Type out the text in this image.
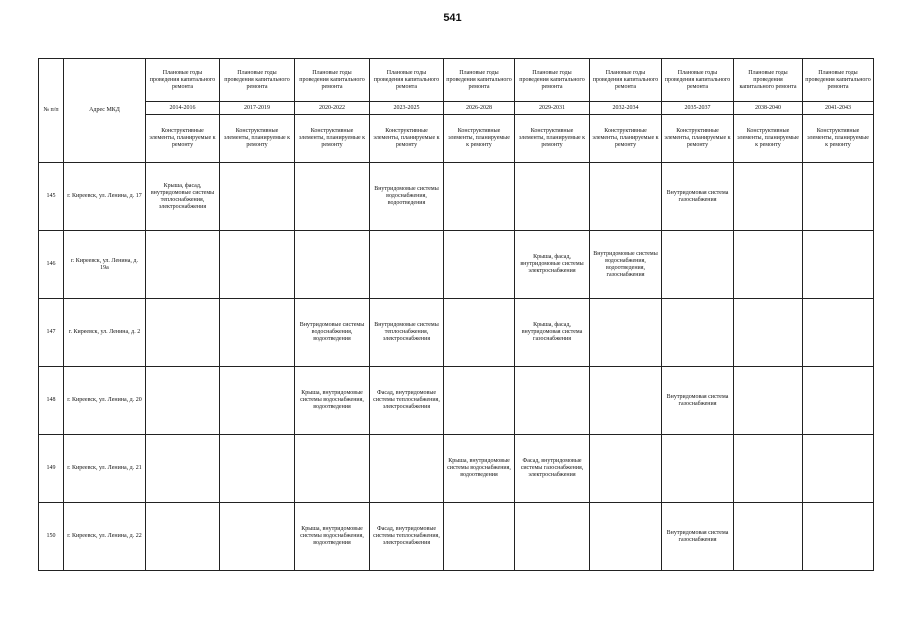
541
№ п/п	Адрес МКД	Плановые годы проведения капитального ремонта	Плановые годы проведения капитального ремонта	Плановые годы проведения капитального ремонта	Плановые годы проведения капитального ремонта	Плановые годы проведения капитального ремонта	Плановые годы проведения капитального ремонта	Плановые годы проведения капитального ремонта	Плановые годы проведения капитального ремонта	Плановые годы проведения капитального ремонта	Плановые годы проведения капитального ремонта
		2014-2016	2017-2019	2020-2022	2023-2025	2026-2028	2029-2031	2032-2034	2035-2037	2038-2040	2041-2043
		Конструктивные элементы, планируемые к ремонту	Конструктивные элементы, планируемые к ремонту	Конструктивные элементы, планируемые к ремонту	Конструктивные элементы, планируемые к ремонту	Конструктивные элементы, планируемые к ремонту	Конструктивные элементы, планируемые к ремонту	Конструктивные элементы, планируемые к ремонту	Конструктивные элементы, планируемые к ремонту	Конструктивные элементы, планируемые к ремонту	Конструктивные элементы, планируемые к ремонту
145	г. Киреевск, ул. Ленина, д. 17	Крыша, фасад, внутридомовые системы теплоснабжения, электроснабжения			Внутридомовые системы водоснабжения, водоотведения				Внутридомовая система газоснабжения		
146	г. Киреевск, ул. Ленина, д. 19а						Крыша, фасад, внутридомовые системы электроснабжения	Внутридомовые системы водоснабжения, водоотведения, газоснабжения			
147	г. Киреевск, ул. Ленина, д. 2			Внутридомовые системы водоснабжения, водоотведения	Внутридомовые системы теплоснабжения, электроснабжения		Крыша, фасад, внутридомовая система газоснабжения				
148	г. Киреевск, ул. Ленина, д. 20			Крыша, внутридомовые системы водоснабжения, водоотведения	Фасад, внутридомовые системы теплоснабжения, электроснабжения				Внутридомовая система газоснабжения		
149	г. Киреевск, ул. Ленина, д. 21					Крыша, внутридомовые системы водоснабжения, водоотведения	Фасад, внутридомовые системы газоснабжения, электроснабжения				
150	г. Киреевск, ул. Ленина, д. 22			Крыша, внутридомовые системы водоснабжения, водоотведения	Фасад, внутридомовые системы теплоснабжения, электроснабжения				Внутридомовая система газоснабжения		
